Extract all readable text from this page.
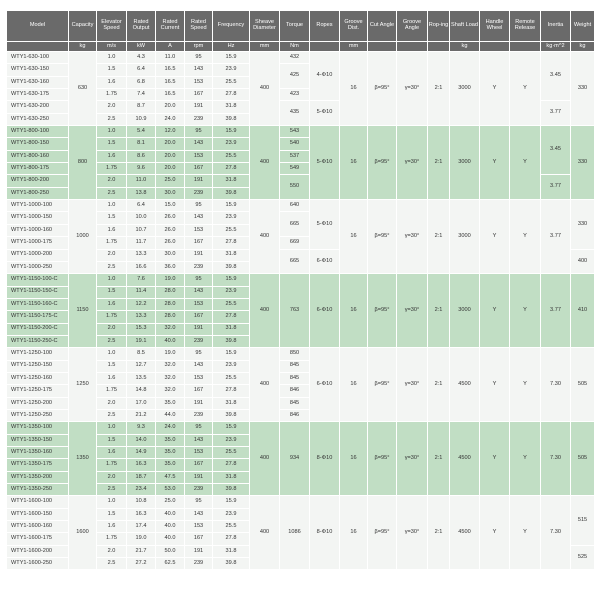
Model	Capacity	Elevator Speed	Rated Output	Rated Current	Rated Speed	Frequency	Sheave Diameter	Torque	Ropes	Groove Dist.	Cut Angle	Groove Angle	Rop-ing	Shaft Load	Handle Wheel	Remote Release	Inertia	Weight
	kg	m/s	kW	A	rpm	Hz	mm	Nm		mm				kg			kg·m^2	kg
WTY1-630-100	630	1.0	4.3	11.0	95	15.9	400	432	4-Φ10	16	β=95°	γ=30°	2:1	3000	Y	Y	3.45	330
WTY1-630-150		1.5	6.4	16.5	143	23.9		425										
WTY1-630-160		1.6	6.8	16.5	153	25.5												
WTY1-630-175		1.75	7.4	16.5	167	27.8		423										
WTY1-630-200		2.0	8.7	20.0	191	31.8		435	5-Φ10								3.77	
WTY1-630-250		2.5	10.9	24.0	239	39.8												
WTY1-800-100	800	1.0	5.4	12.0	95	15.9	400	543	5-Φ10	16	β=95°	γ=30°	2:1	3000	Y	Y	3.45	330
WTY1-800-150		1.5	8.1	20.0	143	23.9		540										
WTY1-800-160		1.6	8.6	20.0	153	25.5		537										
WTY1-800-175		1.75	9.6	20.0	167	27.8		549										
WTY1-800-200		2.0	11.0	25.0	191	31.8		550									3.77	
WTY1-800-250		2.5	13.8	30.0	239	39.8												
WTY1-1000-100	1000	1.0	6.4	15.0	95	15.9	400	640	5-Φ10	16	β=95°	γ=30°	2:1	3000	Y	Y	3.77	330
WTY1-1000-150		1.5	10.0	26.0	143	23.9		665										
WTY1-1000-160		1.6	10.7	26.0	153	25.5												
WTY1-1000-175		1.75	11.7	26.0	167	27.8		669										
WTY1-1000-200		2.0	13.3	30.0	191	31.8		665	6-Φ10									400
WTY1-1000-250		2.5	16.6	36.0	239	39.8												
WTY1-1150-100-C	1150	1.0	7.6	19.0	95	15.9	400	763	6-Φ10	16	β=95°	γ=30°	2:1	3000	Y	Y	3.77	410
WTY1-1150-150-C		1.5	11.4	28.0	143	23.9												
WTY1-1150-160-C		1.6	12.2	28.0	153	25.5												
WTY1-1150-175-C		1.75	13.3	28.0	167	27.8												
WTY1-1150-200-C		2.0	15.3	32.0	191	31.8												
WTY1-1150-250-C		2.5	19.1	40.0	239	39.8												
WTY1-1250-100	1250	1.0	8.5	19.0	95	15.9	400	850	6-Φ10	16	β=95°	γ=30°	2:1	4500	Y	Y	7.30	505
WTY1-1250-150		1.5	12.7	32.0	143	23.9		845										
WTY1-1250-160		1.6	13.5	32.0	153	25.5		845										
WTY1-1250-175		1.75	14.8	32.0	167	27.8		846										
WTY1-1250-200		2.0	17.0	35.0	191	31.8		845										
WTY1-1250-250		2.5	21.2	44.0	239	39.8		846										
WTY1-1350-100	1350	1.0	9.3	24.0	95	15.9	400	934	8-Φ10	16	β=95°	γ=30°	2:1	4500	Y	Y	7.30	505
WTY1-1350-150		1.5	14.0	35.0	143	23.9												
WTY1-1350-160		1.6	14.9	35.0	153	25.5												
WTY1-1350-175		1.75	16.3	35.0	167	27.8												
WTY1-1350-200		2.0	18.7	47.5	191	31.8												
WTY1-1350-250		2.5	23.4	53.0	239	39.8												
WTY1-1600-100	1600	1.0	10.8	25.0	95	15.9	400	1086	8-Φ10	16	β=95°	γ=30°	2:1	4500	Y	Y	7.30	515
WTY1-1600-150		1.5	16.3	40.0	143	23.9												
WTY1-1600-160		1.6	17.4	40.0	153	25.5												
WTY1-1600-175		1.75	19.0	40.0	167	27.8												
WTY1-1600-200		2.0	21.7	50.0	191	31.8												525
WTY1-1600-250		2.5	27.2	62.5	239	39.8												
